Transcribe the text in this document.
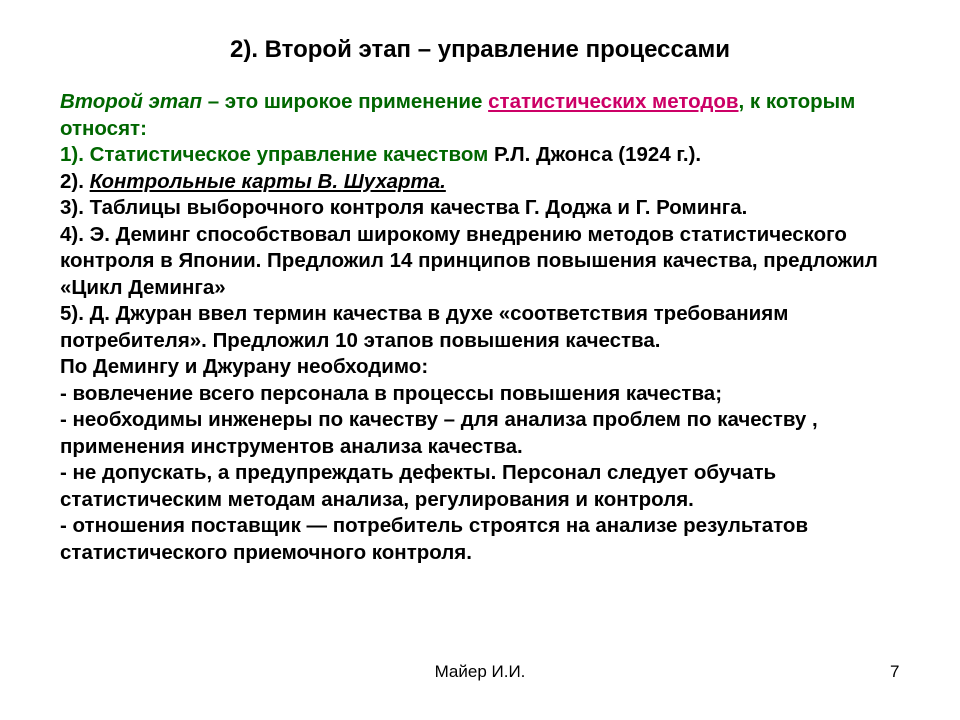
2). Второй этап – управление процессами

Второй этап – это широкое применение статистических методов, к которым относят:

1). Статистическое управление качеством Р.Л. Джонса (1924 г.).

2). Контрольные карты В. Шухарта.

3). Таблицы выборочного контроля качества Г. Доджа и Г. Роминга.

4). Э. Деминг способствовал широкому внедрению методов статистического контроля в Японии. Предложил 14 принципов повышения качества, предложил «Цикл Деминга»

5). Д. Джуран ввел термин качества в духе «соответствия требованиям потребителя». Предложил 10 этапов повышения качества.

По Демингу и Джурану необходимо:

- вовлечение всего персонала в процессы повышения качества;

- необходимы инженеры по качеству – для анализа проблем по качеству , применения инструментов анализа качества.

- не допускать, а предупреждать дефекты. Персонал следует обучать статистическим методам анализа, регулирования и контроля.

- отношения поставщик — потребитель строятся на анализе результатов статистического приемочного контроля.

Майер И.И.	7
